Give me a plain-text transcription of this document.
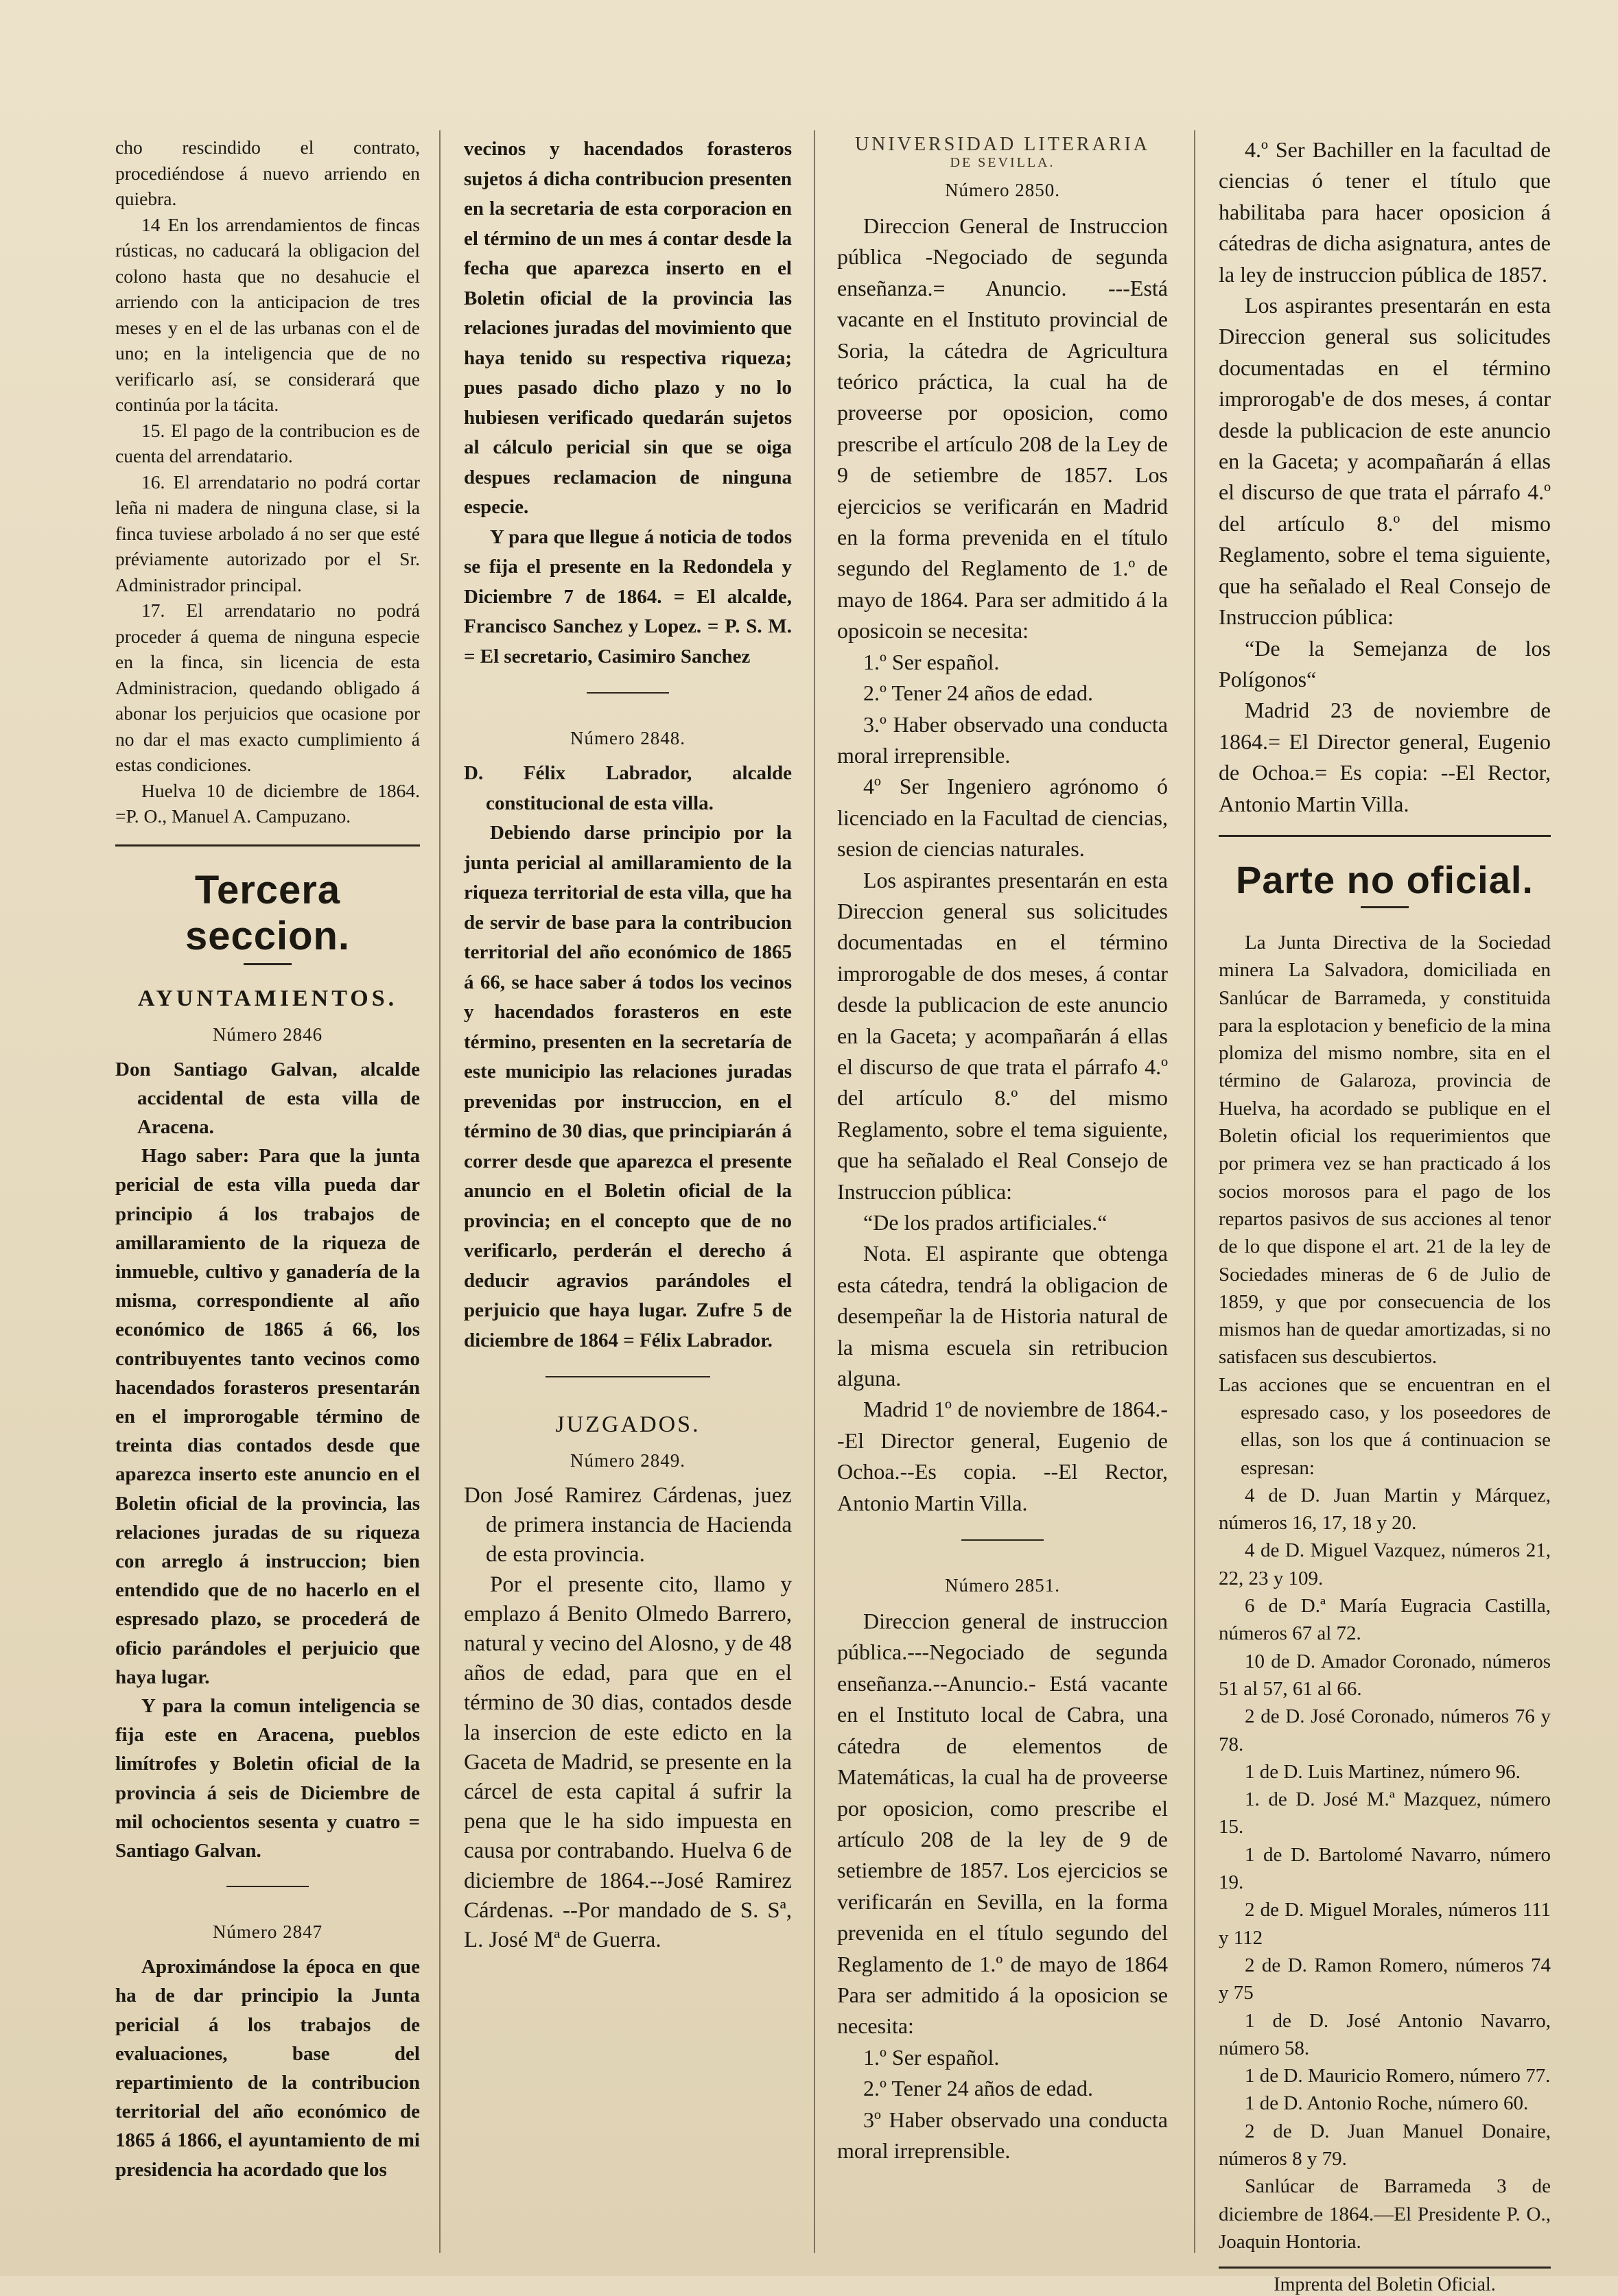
cho rescindido el contrato, procediéndose á nuevo arriendo en quiebra.

14 En los arrendamientos de fincas rústicas, no caducará la obligacion del colono hasta que no desahucie el arriendo con la anticipacion de tres meses y en el de las urbanas con el de uno; en la inteligencia que de no verificarlo así, se considerará que continúa por la tácita.

15. El pago de la contribucion es de cuenta del arrendatario.

16. El arrendatario no podrá cortar leña ni madera de ninguna clase, si la finca tuviese arbolado á no ser que esté préviamente autorizado por el Sr. Administrador principal.

17. El arrendatario no podrá proceder á quema de ninguna especie en la finca, sin licencia de esta Administracion, quedando obligado á abonar los perjuicios que ocasione por no dar el mas exacto cumplimiento á estas condiciones.

Huelva 10 de diciembre de 1864. =P. O., Manuel A. Campuzano.

Tercera seccion.
AYUNTAMIENTOS.
Número 2846

Don Santiago Galvan, alcalde accidental de esta villa de Aracena.

Hago saber: Para que la junta pericial de esta villa pueda dar principio á los trabajos de amillaramiento de la riqueza de inmueble, cultivo y ganadería de la misma, correspondiente al año económico de 1865 á 66, los contribuyentes tanto vecinos como hacendados forasteros presentarán en el improrogable término de treinta dias contados desde que aparezca inserto este anuncio en el Boletin oficial de la provincia, las relaciones juradas de su riqueza con arreglo á instruccion; bien entendido que de no hacerlo en el espresado plazo, se procederá de oficio parándoles el perjuicio que haya lugar.

Y para la comun inteligencia se fija este en Aracena, pueblos limítrofes y Boletin oficial de la provincia á seis de Diciembre de mil ochocientos sesenta y cuatro = Santiago Galvan.

Número 2847

Aproximándose la época en que ha de dar principio la Junta pericial á los trabajos de evaluaciones, base del repartimiento de la contribucion territorial del año económico de 1865 á 1866, el ayuntamiento de mi presidencia ha acordado que los

vecinos y hacendados forasteros sujetos á dicha contribucion presenten en la secretaria de esta corporacion en el término de un mes á contar desde la fecha que aparezca inserto en el Boletin oficial de la provincia las relaciones juradas del movimiento que haya tenido su respectiva riqueza; pues pasado dicho plazo y no lo hubiesen verificado quedarán sujetos al cálculo pericial sin que se oiga despues reclamacion de ninguna especie.

Y para que llegue á noticia de todos se fija el presente en la Redondela y Diciembre 7 de 1864. = El alcalde, Francisco Sanchez y Lopez. = P. S. M. = El secretario, Casimiro Sanchez

Número 2848.

D. Félix Labrador, alcalde constitucional de esta villa.

Debiendo darse principio por la junta pericial al amillaramiento de la riqueza territorial de esta villa, que ha de servir de base para la contribucion territorial del año económico de 1865 á 66, se hace saber á todos los vecinos y hacendados forasteros en este término, presenten en la secretaría de este municipio las relaciones juradas prevenidas por instruccion, en el término de 30 dias, que principiarán á correr desde que aparezca el presente anuncio en el Boletin oficial de la provincia; en el concepto que de no verificarlo, perderán el derecho á deducir agravios parándoles el perjuicio que haya lugar. Zufre 5 de diciembre de 1864 = Félix Labrador.

JUZGADOS.
Número 2849.

Don José Ramirez Cárdenas, juez de primera instancia de Hacienda de esta provincia.

Por el presente cito, llamo y emplazo á Benito Olmedo Barrero, natural y vecino del Alosno, y de 48 años de edad, para que en el término de 30 dias, contados desde la insercion de este edicto en la Gaceta de Madrid, se presente en la cárcel de esta capital á sufrir la pena que le ha sido impuesta en causa por contrabando. Huelva 6 de diciembre de 1864.--José Ramirez Cárdenas. --Por mandado de S. Sª, L. José Mª de Guerra.

UNIVERSIDAD LITERARIA
DE SEVILLA.
Número 2850.

Direccion General de Instruccion pública -Negociado de segunda enseñanza.= Anuncio. ---Está vacante en el Instituto provincial de Soria, la cátedra de Agricultura teórico práctica, la cual ha de proveerse por oposicion, como prescribe el artículo 208 de la Ley de 9 de setiembre de 1857. Los ejercicios se verificarán en Madrid en la forma prevenida en el título segundo del Reglamento de 1.º de mayo de 1864. Para ser admitido á la oposicoin se necesita:

1.º Ser español.

2.º Tener 24 años de edad.

3.º Haber observado una conducta moral irreprensible.

4º Ser Ingeniero agrónomo ó licenciado en la Facultad de ciencias, sesion de ciencias naturales.

Los aspirantes presentarán en esta Direccion general sus solicitudes documentadas en el término improrogable de dos meses, á contar desde la publicacion de este anuncio en la Gaceta; y acompañarán á ellas el discurso de que trata el párrafo 4.º del artículo 8.º del mismo Reglamento, sobre el tema siguiente, que ha señalado el Real Consejo de Instruccion pública:

“De los prados artificiales.“

Nota. El aspirante que obtenga esta cátedra, tendrá la obligacion de desempeñar la de Historia natural de la misma escuela sin retribucion alguna.

Madrid 1º de noviembre de 1864.--El Director general, Eugenio de Ochoa.--Es copia. --El Rector, Antonio Martin Villa.

Número 2851.

Direccion general de instruccion pública.---Negociado de segunda enseñanza.--Anuncio.- Está vacante en el Instituto local de Cabra, una cátedra de elementos de Matemáticas, la cual ha de proveerse por oposicion, como prescribe el artículo 208 de la ley de 9 de setiembre de 1857. Los ejercicios se verificarán en Sevilla, en la forma prevenida en el título segundo del Reglamento de 1.º de mayo de 1864 Para ser admitido á la oposicion se necesita:

1.º Ser español.

2.º Tener 24 años de edad.

3º Haber observado una conducta moral irreprensible.

4.º Ser Bachiller en la facultad de ciencias ó tener el título que habilitaba para hacer oposicion á cátedras de dicha asignatura, antes de la ley de instruccion pública de 1857.

Los aspirantes presentarán en esta Direccion general sus solicitudes documentadas en el término improrogab'e de dos meses, á contar desde la publicacion de este anuncio en la Gaceta; y acompañarán á ellas el discurso de que trata el párrafo 4.º del artículo 8.º del mismo Reglamento, sobre el tema siguiente, que ha señalado el Real Consejo de Instruccion pública:

“De la Semejanza de los Polígonos“

Madrid 23 de noviembre de 1864.= El Director general, Eugenio de Ochoa.= Es copia: --El Rector, Antonio Martin Villa.

Parte no oficial.

La Junta Directiva de la Sociedad minera La Salvadora, domiciliada en Sanlúcar de Barrameda, y constituida para la esplotacion y beneficio de la mina plomiza del mismo nombre, sita en el término de Galaroza, provincia de Huelva, ha acordado se publique en el Boletin oficial los requerimientos que por primera vez se han practicado á los socios morosos para el pago de los repartos pasivos de sus acciones al tenor de lo que dispone el art. 21 de la ley de Sociedades mineras de 6 de Julio de 1859, y que por consecuencia de los mismos han de quedar amortizadas, si no satisfacen sus descubiertos.

Las acciones que se encuentran en el espresado caso, y los poseedores de ellas, son los que á continuacion se espresan:

4 de D. Juan Martin y Márquez, números 16, 17, 18 y 20.

4 de D. Miguel Vazquez, números 21, 22, 23 y 109.

6 de D.ª María Eugracia Castilla, números 67 al 72.

10 de D. Amador Coronado, números 51 al 57, 61 al 66.

2 de D. José Coronado, números 76 y 78.

1 de D. Luis Martinez, número 96.

1. de D. José M.ª Mazquez, número 15.

1 de D. Bartolomé Navarro, número 19.

2 de D. Miguel Morales, números 111 y 112

2 de D. Ramon Romero, números 74 y 75

1 de D. José Antonio Navarro, número 58.

1 de D. Mauricio Romero, número 77.

1 de D. Antonio Roche, número 60.

2 de D. Juan Manuel Donaire, números 8 y 79.

Sanlúcar de Barrameda 3 de diciembre de 1864.—El Presidente P. O., Joaquin Hontoria.

Imprenta del Boletin Oficial.
